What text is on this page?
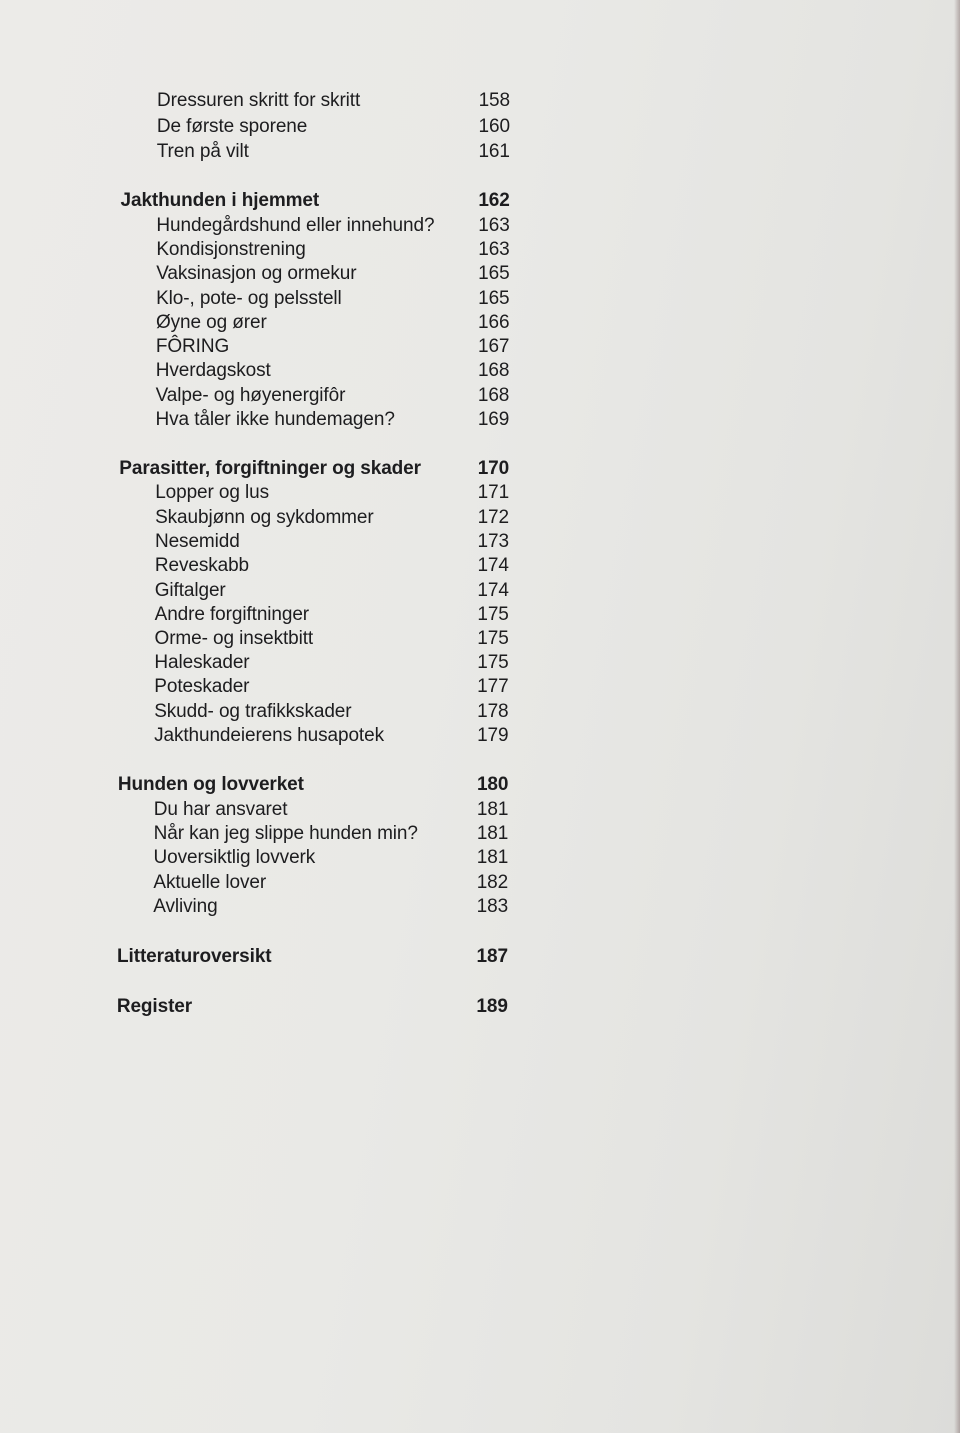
Dressuren skritt for skritt	158
De første sporene	160
Tren på vilt	161
Jakthunden i hjemmet	162
Hundegårdshund eller innehund?	163
Kondisjonstrening	163
Vaksinasjon og ormekur	165
Klo-, pote- og pelsstell	165
Øyne og ører	166
FÔRING	167
Hverdagskost	168
Valpe- og høyenergifôr	168
Hva tåler ikke hundemagen?	169
Parasitter, forgiftninger og skader	170
Lopper og lus	171
Skaubjønn og sykdommer	172
Nesemidd	173
Reveskabb	174
Giftalger	174
Andre forgiftninger	175
Orme- og insektbitt	175
Haleskader	175
Poteskader	177
Skudd- og trafikkskader	178
Jakthundeierens husapotek	179
Hunden og lovverket	180
Du har ansvaret	181
Når kan jeg slippe hunden min?	181
Uoversiktlig lovverk	181
Aktuelle lover	182
Avliving	183
Litteraturoversikt	187
Register	189
